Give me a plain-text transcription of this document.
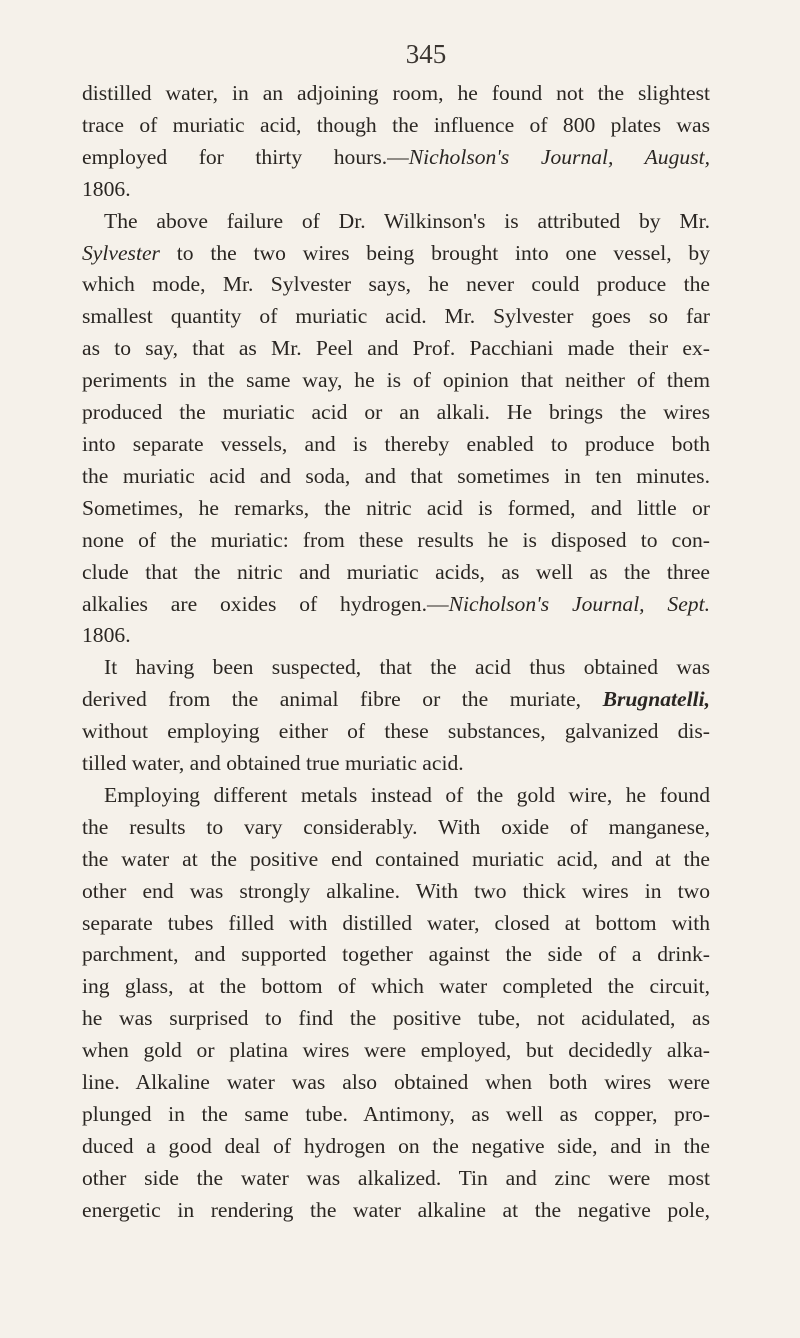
345
distilled water, in an adjoining room, he found not the slightest
trace of muriatic acid, though the influence of 800 plates was
employed for thirty hours.—Nicholson's Journal, August,
1806.
The above failure of Dr. Wilkinson's is attributed by Mr.
Sylvester to the two wires being brought into one vessel, by
which mode, Mr. Sylvester says, he never could produce the
smallest quantity of muriatic acid. Mr. Sylvester goes so far
as to say, that as Mr. Peel and Prof. Pacchiani made their ex-
periments in the same way, he is of opinion that neither of them
produced the muriatic acid or an alkali. He brings the wires
into separate vessels, and is thereby enabled to produce both
the muriatic acid and soda, and that sometimes in ten minutes.
Sometimes, he remarks, the nitric acid is formed, and little or
none of the muriatic: from these results he is disposed to con-
clude that the nitric and muriatic acids, as well as the three
alkalies are oxides of hydrogen.—Nicholson's Journal, Sept.
1806.
It having been suspected, that the acid thus obtained was
derived from the animal fibre or the muriate, Brugnatelli,
without employing either of these substances, galvanized dis-
tilled water, and obtained true muriatic acid.
Employing different metals instead of the gold wire, he found
the results to vary considerably. With oxide of manganese,
the water at the positive end contained muriatic acid, and at the
other end was strongly alkaline. With two thick wires in two
separate tubes filled with distilled water, closed at bottom with
parchment, and supported together against the side of a drink-
ing glass, at the bottom of which water completed the circuit,
he was surprised to find the positive tube, not acidulated, as
when gold or platina wires were employed, but decidedly alka-
line. Alkaline water was also obtained when both wires were
plunged in the same tube. Antimony, as well as copper, pro-
duced a good deal of hydrogen on the negative side, and in the
other side the water was alkalized. Tin and zinc were most
energetic in rendering the water alkaline at the negative pole,
